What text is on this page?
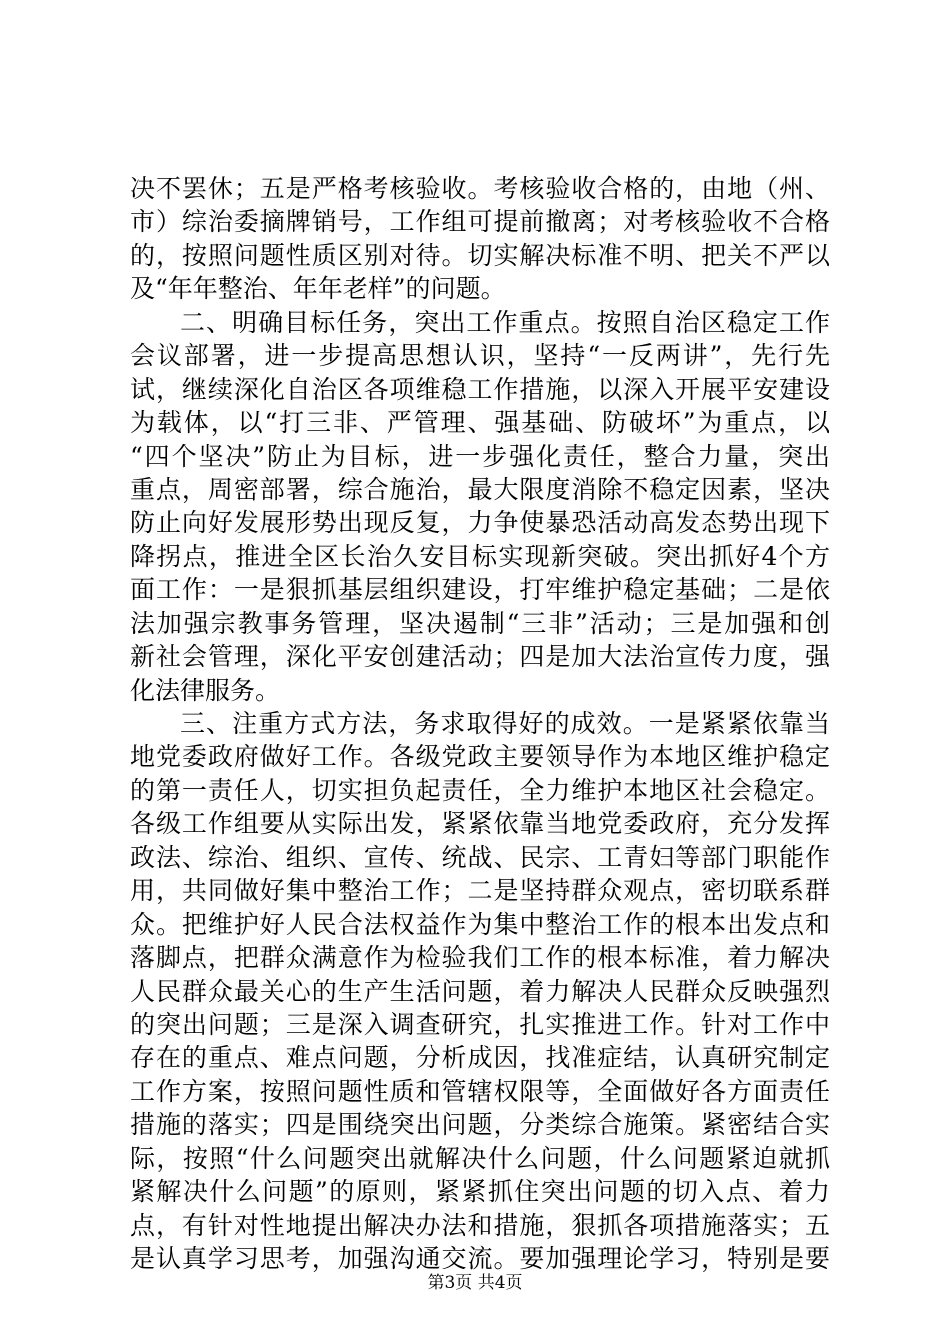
决不罢休；五是严格考核验收。考核验收合格的，由地（州、
市）综治委摘牌销号，工作组可提前撤离；对考核验收不合格
的，按照问题性质区别对待。切实解决标准不明、把关不严以
及“年年整治、年年老样”的问题。
二、明确目标任务，突出工作重点。按照自治区稳定工作
会议部署，进一步提高思想认识，坚持“一反两讲”，先行先
试，继续深化自治区各项维稳工作措施，以深入开展平安建设
为载体，以“打三非、严管理、强基础、防破坏”为重点，以
“四个坚决”防止为目标，进一步强化责任，整合力量，突出
重点，周密部署，综合施治，最大限度消除不稳定因素，坚决
防止向好发展形势出现反复，力争使暴恐活动高发态势出现下
降拐点，推进全区长治久安目标实现新突破。突出抓好4个方
面工作：一是狠抓基层组织建设，打牢维护稳定基础；二是依
法加强宗教事务管理，坚决遏制“三非”活动；三是加强和创
新社会管理，深化平安创建活动；四是加大法治宣传力度，强
化法律服务。
三、注重方式方法，务求取得好的成效。一是紧紧依靠当
地党委政府做好工作。各级党政主要领导作为本地区维护稳定
的第一责任人，切实担负起责任，全力维护本地区社会稳定。
各级工作组要从实际出发，紧紧依靠当地党委政府，充分发挥
政法、综治、组织、宣传、统战、民宗、工青妇等部门职能作
用，共同做好集中整治工作；二是坚持群众观点，密切联系群
众。把维护好人民合法权益作为集中整治工作的根本出发点和
落脚点，把群众满意作为检验我们工作的根本标准，着力解决
人民群众最关心的生产生活问题，着力解决人民群众反映强烈
的突出问题；三是深入调查研究，扎实推进工作。针对工作中
存在的重点、难点问题，分析成因，找准症结，认真研究制定
工作方案，按照问题性质和管辖权限等，全面做好各方面责任
措施的落实；四是围绕突出问题，分类综合施策。紧密结合实
际，按照“什么问题突出就解决什么问题，什么问题紧迫就抓
紧解决什么问题”的原则，紧紧抓住突出问题的切入点、着力
点，有针对性地提出解决办法和措施，狠抓各项措施落实；五
是认真学习思考，加强沟通交流。要加强理论学习，特别是要
第3页 共4页
